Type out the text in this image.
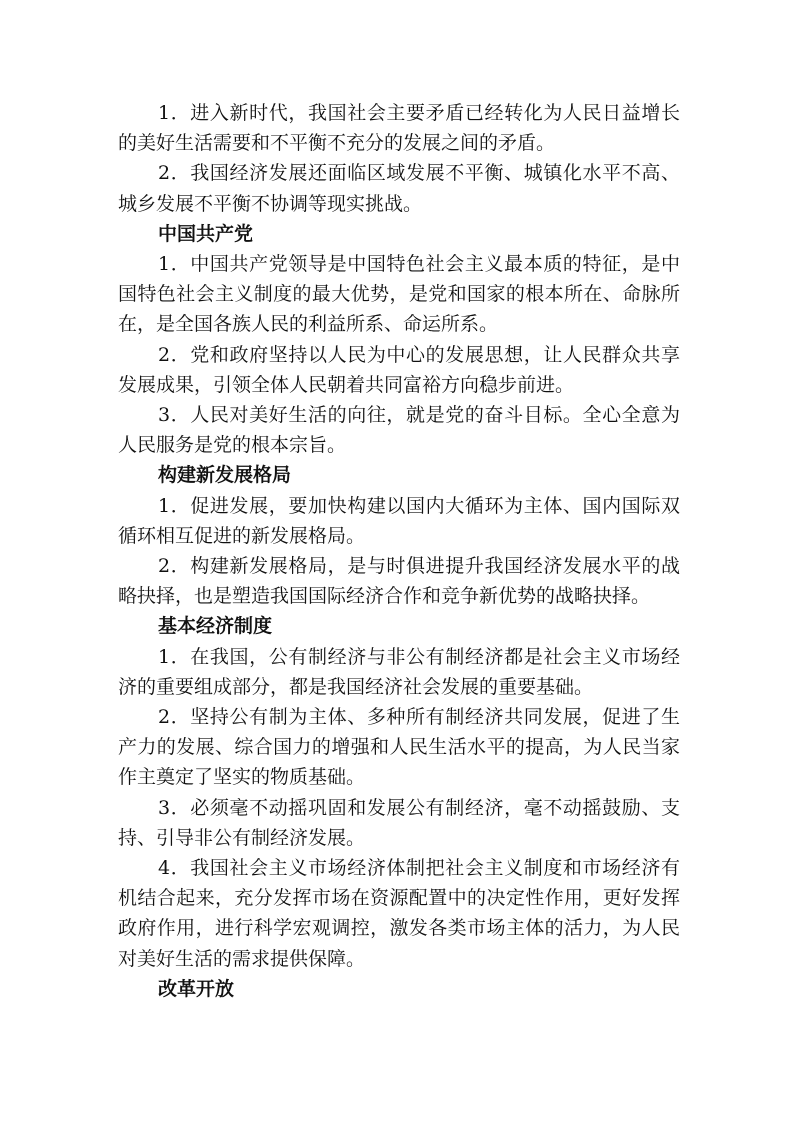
1．进入新时代，我国社会主要矛盾已经转化为人民日益增长的美好生活需要和不平衡不充分的发展之间的矛盾。

2．我国经济发展还面临区域发展不平衡、城镇化水平不高、城乡发展不平衡不协调等现实挑战。

中国共产党

1．中国共产党领导是中国特色社会主义最本质的特征，是中国特色社会主义制度的最大优势，是党和国家的根本所在、命脉所在，是全国各族人民的利益所系、命运所系。

2．党和政府坚持以人民为中心的发展思想，让人民群众共享发展成果，引领全体人民朝着共同富裕方向稳步前进。

3．人民对美好生活的向往，就是党的奋斗目标。全心全意为人民服务是党的根本宗旨。

构建新发展格局

1．促进发展，要加快构建以国内大循环为主体、国内国际双循环相互促进的新发展格局。

2．构建新发展格局，是与时俱进提升我国经济发展水平的战略抉择，也是塑造我国国际经济合作和竞争新优势的战略抉择。

基本经济制度

1．在我国，公有制经济与非公有制经济都是社会主义市场经济的重要组成部分，都是我国经济社会发展的重要基础。

2．坚持公有制为主体、多种所有制经济共同发展，促进了生产力的发展、综合国力的增强和人民生活水平的提高，为人民当家作主奠定了坚实的物质基础。

3．必须毫不动摇巩固和发展公有制经济，毫不动摇鼓励、支持、引导非公有制经济发展。

4．我国社会主义市场经济体制把社会主义制度和市场经济有机结合起来，充分发挥市场在资源配置中的决定性作用，更好发挥政府作用，进行科学宏观调控，激发各类市场主体的活力，为人民对美好生活的需求提供保障。

改革开放
